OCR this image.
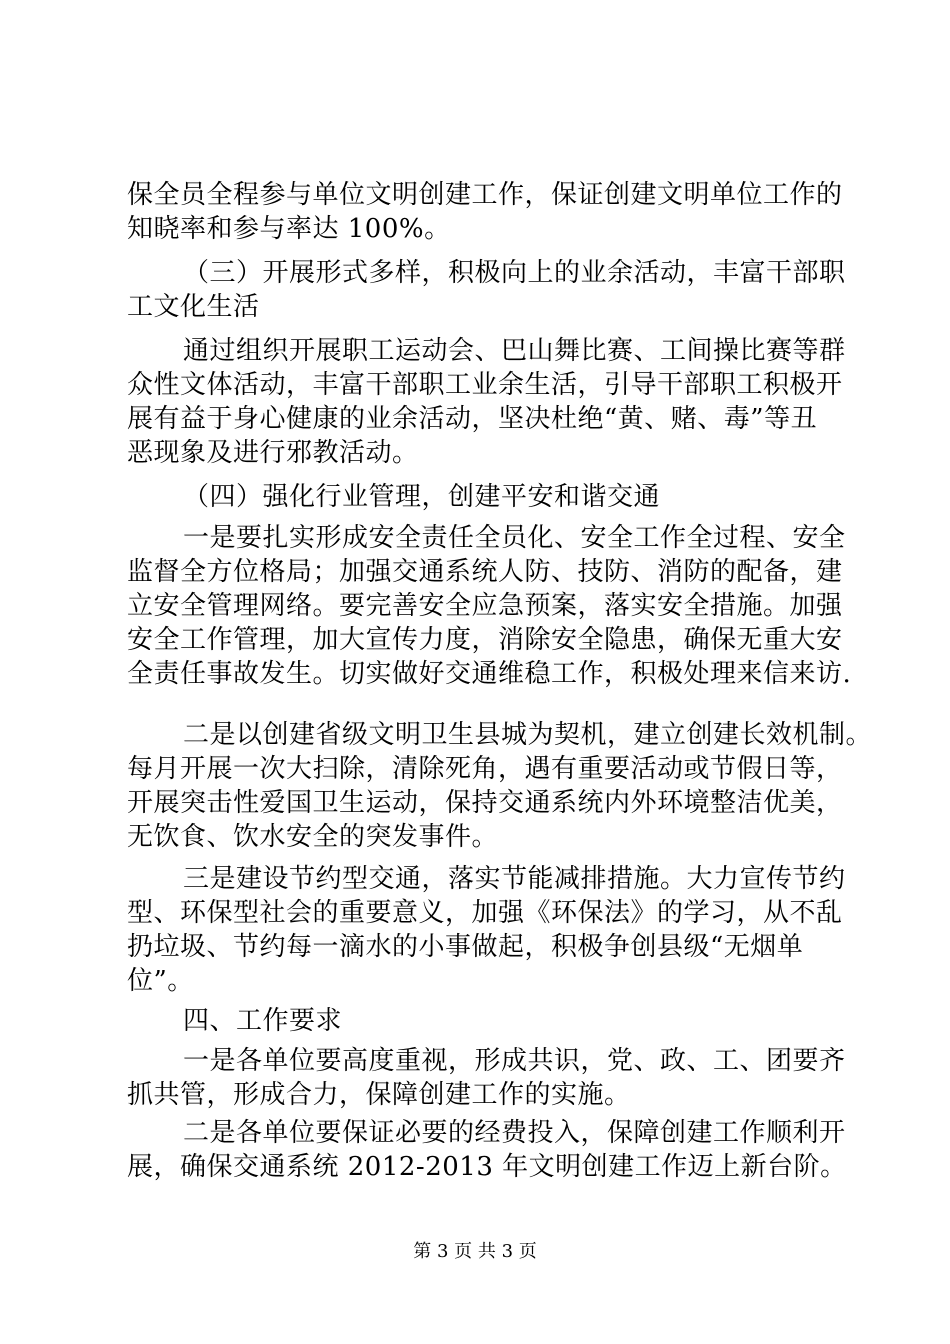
保全员全程参与单位文明创建工作，保证创建文明单位工作的
知晓率和参与率达 100%。
（三）开展形式多样，积极向上的业余活动，丰富干部职
工文化生活
通过组织开展职工运动会、巴山舞比赛、工间操比赛等群
众性文体活动，丰富干部职工业余生活，引导干部职工积极开
展有益于身心健康的业余活动，坚决杜绝“黄、赌、毒”等丑
恶现象及进行邪教活动。
（四）强化行业管理，创建平安和谐交通
一是要扎实形成安全责任全员化、安全工作全过程、安全
监督全方位格局；加强交通系统人防、技防、消防的配备，建
立安全管理网络。要完善安全应急预案，落实安全措施。加强
安全工作管理，加大宣传力度，消除安全隐患，确保无重大安
全责任事故发生。切实做好交通维稳工作，积极处理来信来访.
二是以创建省级文明卫生县城为契机，建立创建长效机制。
每月开展一次大扫除，清除死角，遇有重要活动或节假日等，
开展突击性爱国卫生运动，保持交通系统内外环境整洁优美，
无饮食、饮水安全的突发事件。
三是建设节约型交通，落实节能减排措施。大力宣传节约
型、环保型社会的重要意义，加强《环保法》的学习，从不乱
扔垃圾、节约每一滴水的小事做起，积极争创县级“无烟单
位”。
四、工作要求
一是各单位要高度重视，形成共识，党、政、工、团要齐
抓共管，形成合力，保障创建工作的实施。
二是各单位要保证必要的经费投入，保障创建工作顺利开
展，确保交通系统 2012-2013 年文明创建工作迈上新台阶。
第 3 页 共 3 页
